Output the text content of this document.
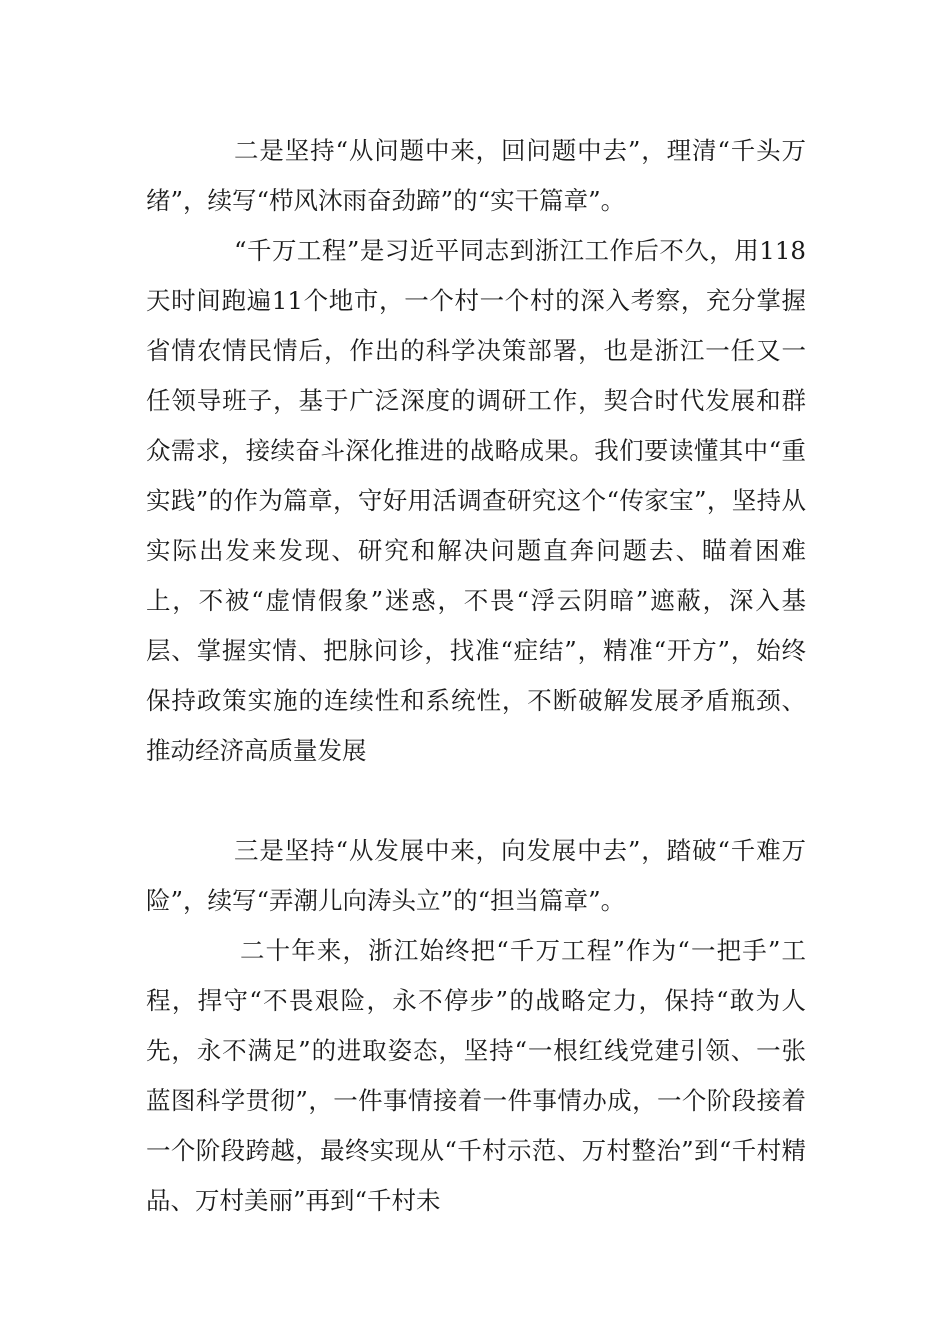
二是坚持“从问题中来，回问题中去”，理清“千头万绪”，续写“栉风沐雨奋劲蹄”的“实干篇章”。

“千万工程”是习近平同志到浙江工作后不久，用118天时间跑遍11个地市，一个村一个村的深入考察，充分掌握省情农情民情后，作出的科学决策部署，也是浙江一任又一任领导班子，基于广泛深度的调研工作，契合时代发展和群众需求，接续奋斗深化推进的战略成果。我们要读懂其中“重实践”的作为篇章，守好用活调查研究这个“传家宝”，坚持从实际出发来发现、研究和解决问题直奔问题去、瞄着困难上，不被“虚情假象”迷惑，不畏“浮云阴暗”遮蔽，深入基层、掌握实情、把脉问诊，找准“症结”，精准“开方”，始终保持政策实施的连续性和系统性，不断破解发展矛盾瓶颈、推动经济高质量发展

三是坚持“从发展中来，向发展中去”，踏破“千难万险”，续写“弄潮儿向涛头立”的“担当篇章”。

二十年来，浙江始终把“千万工程”作为“一把手”工程，捍守“不畏艰险，永不停步”的战略定力，保持“敢为人先，永不满足”的进取姿态，坚持“一根红线党建引领、一张蓝图科学贯彻”，一件事情接着一件事情办成，一个阶段接着一个阶段跨越，最终实现从“千村示范、万村整治”到“千村精品、万村美丽”再到“千村未
